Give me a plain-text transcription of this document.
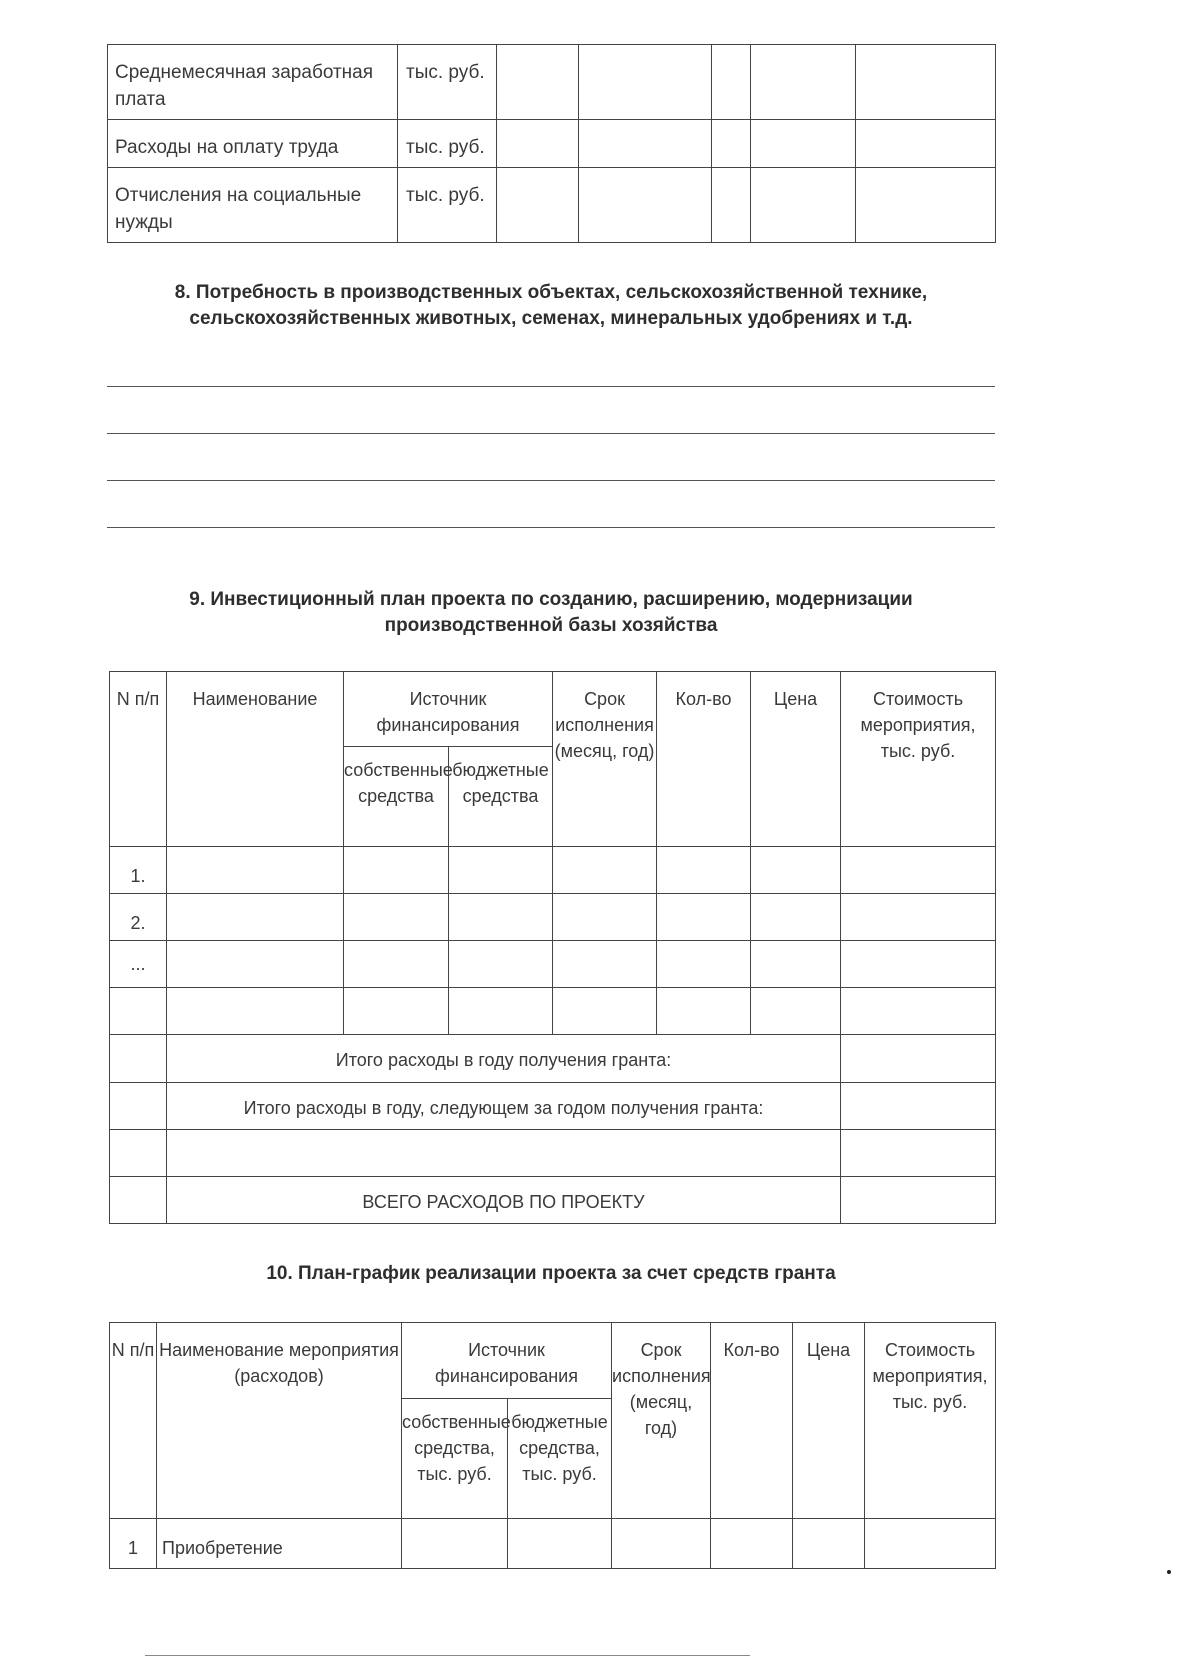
Среднемесячная заработная плата	тыс. руб.					
Расходы на оплату труда	тыс. руб.					
Отчисления на социальные нужды	тыс. руб.					
8. Потребность в производственных объектах, сельскохозяйственной технике,
сельскохозяйственных животных, семенах, минеральных удобрениях и т.д.
9. Инвестиционный план проекта по созданию, расширению, модернизации
производственной базы хозяйства
N п/п	Наименование	Источник финансирования		Срок исполнения (месяц, год)	Кол-во	Цена	Стоимость мероприятия, тыс. руб.
		собственные средства	бюджетные средства				
1.							
2.							
...							

	Итого расходы в году получения гранта:						
	Итого расходы в году, следующем за годом получения гранта:						

	ВСЕГО РАСХОДОВ ПО ПРОЕКТУ						
10. План-график реализации проекта за счет средств гранта
N п/п	Наименование мероприятия (расходов)	Источник финансирования		Срок исполнения (месяц, год)	Кол-во	Цена	Стоимость мероприятия, тыс. руб.
		собственные средства, тыс. руб.	бюджетные средства, тыс. руб.				
1	Приобретение						
